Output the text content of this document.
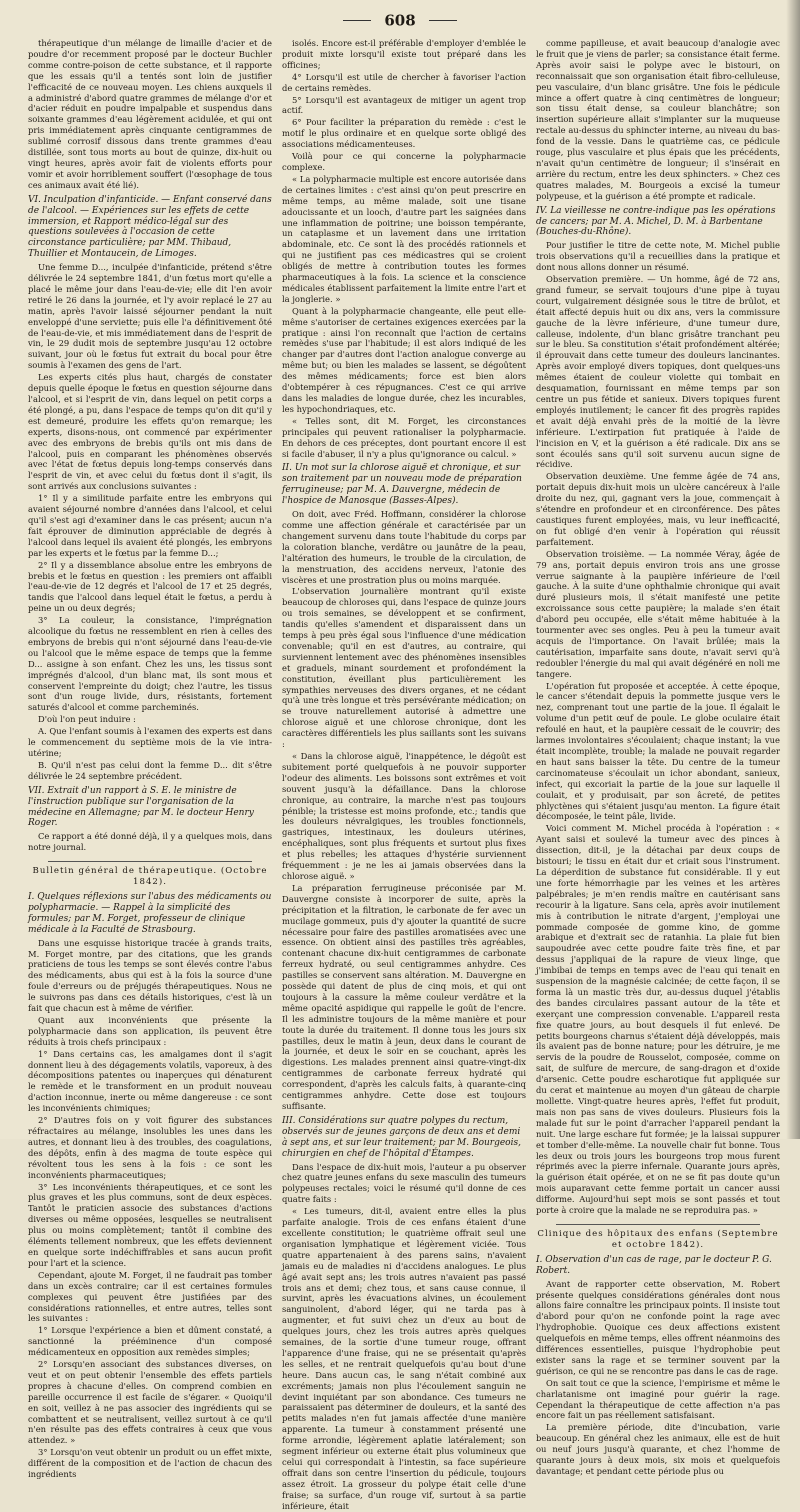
608

thérapeutique d'un mélange de limaille d'acier et de poudre d'or recemment proposé par le docteur Buchler comme contre-poison de cette substance, et il rapporte que les essais qu'il a tentés sont loin de justifier l'efficacité de ce nouveau moyen. Les chiens auxquels il a administré d'abord quatre grammes de mélange d'or et d'acier réduit en poudre impalpable et suspendus dans soixante grammes d'eau légèrement acidulée, et qui ont pris immédiatement après cinquante centigrammes de sublimé corrosif dissous dans trente grammes d'eau distillée, sont tous morts au bout de quinze, dix-huit ou vingt heures, après avoir fait de violents efforts pour vomir et avoir horriblement souffert (l'œsophage de tous ces animaux avait été lié).

VI. Inculpation d'infanticide. — Enfant conservé dans de l'alcool. — Expériences sur les effets de cette immersion, et Rapport médico-légal sur des questions soulevées à l'occasion de cette circonstance particulière; par MM. Thibaud, Thuillier et Montaucein, de Limoges.

Une femme D..., inculpée d'infanticide, prétend s'être délivrée le 24 septembre 1841, d'un fœtus mort qu'elle a placé le même jour dans l'eau-de-vie; elle dit l'en avoir retiré le 26 dans la journée, et l'y avoir replacé le 27 au matin, après l'avoir laissé séjourner pendant la nuit enveloppé d'une serviette; puis elle l'a définitivement ôté de l'eau-de-vie, et mis immédiatement dans de l'esprit de vin, le 29 dudit mois de septembre jusqu'au 12 octobre suivant, jour où le fœtus fut extrait du bocal pour être soumis à l'examen des gens de l'art.

Les experts cités plus haut, chargés de constater depuis quelle époque le fœtus en question séjourne dans l'alcool, et si l'esprit de vin, dans lequel on petit corps a été plongé, a pu, dans l'espace de temps qu'on dit qu'il y est demeuré, produire les effets qu'on remarque; les experts, disons-nous, ont commencé par expérimenter avec des embryons de brebis qu'ils ont mis dans de l'alcool, puis en comparant les phénomènes observés avec l'état de fœtus depuis long-temps conservés dans l'esprit de vin, et avec celui du fœtus dont il s'agit, ils sont arrivés aux conclusions suivantes :

1° Il y a similitude parfaite entre les embryons qui avaient séjourné nombre d'années dans l'alcool, et celui qu'il s'est agi d'examiner dans le cas présent; aucun n'a fait éprouver de diminution appréciable de degrés à l'alcool dans lequel ils avaient été plongés, les embryons par les experts et le fœtus par la femme D...;

2° Il y a dissemblance absolue entre les embryons de brebis et le fœtus en question : les premiers ont affaibli l'eau-de-vie de 12 degrés et l'alcool de 17 et 25 degrés, tandis que l'alcool dans lequel était le fœtus, a perdu à peine un ou deux degrés;

3° La couleur, la consistance, l'imprégnation alcoolique du fœtus ne ressemblent en rien à celles des embryons de brebis qui n'ont séjourné dans l'eau-de-vie ou l'alcool que le même espace de temps que la femme D... assigne à son enfant. Chez les uns, les tissus sont imprégnés d'alcool, d'un blanc mat, ils sont mous et conservent l'empreinte du doigt; chez l'autre, les tissus sont d'un rouge livide, durs, résistants, fortement saturés d'alcool et comme parcheminés.

D'où l'on peut induire :

A. Que l'enfant soumis à l'examen des experts est dans le commencement du septième mois de la vie intra-utérine;

B. Qu'il n'est pas celui dont la femme D... dit s'être délivrée le 24 septembre précédent.

VII. Extrait d'un rapport à S. E. le ministre de l'instruction publique sur l'organisation de la médecine en Allemagne; par M. le docteur Henry Roger.

Ce rapport a été donné déjà, il y a quelques mois, dans notre journal.

Bulletin général de thérapeutique. (Octobre 1842).
I. Quelques réflexions sur l'abus des médicaments ou polypharmacie. — Rappel à la simplicité des formules; par M. Forget, professeur de clinique médicale à la Faculté de Strasbourg.

Dans une esquisse historique tracée à grands traits, M. Forget montre, par des citations, que les grands praticiens de tous les temps se sont élevés contre l'abus des médicaments, abus qui est à la fois la source d'une foule d'erreurs ou de préjugés thérapeutiques. Nous ne le suivrons pas dans ces détails historiques, c'est là un fait que chacun est à même de vérifier.

Quant aux inconvénients que présente la polypharmacie dans son application, ils peuvent être réduits à trois chefs principaux :

1° Dans certains cas, les amalgames dont il s'agit donnent lieu à des dégagements volatils, vaporeux, à des décompositions patentes ou inaperçues qui dénaturent le remède et le transforment en un produit nouveau d'action inconnue, inerte ou même dangereuse : ce sont les inconvénients chimiques;

2° D'autres fois on y voit figurer des substances réfractaires au mélange, insolubles les unes dans les autres, et donnant lieu à des troubles, des coagulations, des dépôts, enfin à des magma de toute espèce qui révoltent tous les sens à la fois : ce sont les inconvénients pharmaceutiques;

3° Les inconvénients thérapeutiques, et ce sont les plus graves et les plus communs, sont de deux espèces. Tantôt le praticien associe des substances d'actions diverses ou même opposées, lesquelles se neutralisent plus ou moins complètement; tantôt il combine des éléments tellement nombreux, que les effets deviennent en quelque sorte indéchiffrables et sans aucun profit pour l'art et la science.

Cependant, ajoute M. Forget, il ne faudrait pas tomber dans un excès contraire; car il est certaines formules complexes qui peuvent être justifiées par des considérations rationnelles, et entre autres, telles sont les suivantes :

1° Lorsque l'expérience a bien et dûment constaté, a sanctionné la prééminence d'un composé médicamenteux en opposition aux remèdes simples;

2° Lorsqu'en associant des substances diverses, on veut et on peut obtenir l'ensemble des effets partiels propres à chacune d'elles. On comprend combien en pareille occurrence il est facile de s'égarer. « Quoiqu'il en soit, veillez à ne pas associer des ingrédients qui se combattent et se neutralisent, veillez surtout à ce qu'il n'en résulte pas des effets contraires à ceux que vous attendez. »

3° Lorsqu'on veut obtenir un produit ou un effet mixte, différent de la composition et de l'action de chacun des ingrédients

isolés. Encore est-il préférable d'employer d'emblée le produit mixte lorsqu'il existe tout préparé dans les officines;

4° Lorsqu'il est utile de chercher à favoriser l'action de certains remèdes.

5° Lorsqu'il est avantageux de mitiger un agent trop actif.

6° Pour faciliter la préparation du remède : c'est le motif le plus ordinaire et en quelque sorte obligé des associations médicamenteuses.

Voilà pour ce qui concerne la polypharmacie complexe.

« La polypharmacie multiple est encore autorisée dans de certaines limites : c'est ainsi qu'on peut prescrire en même temps, au même malade, soit une tisane adoucissante et un looch, d'autre part les saignées dans une inflammation de poitrine; une boisson tempérante, un cataplasme et un lavement dans une irritation abdominale, etc. Ce sont là des procédés rationnels et qui ne justifient pas ces médicastres qui se croient obligés de mettre à contribution toutes les formes pharmaceutiques à la fois. La science et la conscience médicales établissent parfaitement la limite entre l'art et la jonglerie. »

Quant à la polypharmacie changeante, elle peut elle-même s'autoriser de certaines exigences exercées par la pratique : ainsi l'on reconnaît que l'action de certains remèdes s'use par l'habitude; il est alors indiqué de les changer par d'autres dont l'action analogue converge au même but; ou bien les malades se lassent, se dégoûtent des mêmes médicaments; force est bien alors d'obtempérer à ces répugnances. C'est ce qui arrive dans les maladies de longue durée, chez les incurables, les hypochondriaques, etc.

« Telles sont, dit M. Forget, les circonstances principales qui peuvent rationaliser la polypharmacie. En dehors de ces préceptes, dont pourtant encore il est si facile d'abuser, il n'y a plus qu'ignorance ou calcul. »

II. Un mot sur la chlorose aiguë et chronique, et sur son traitement par un nouveau mode de préparation ferrugineuse; par M. A. Dauvergne, médecin de l'hospice de Manosque (Basses-Alpes).

On doit, avec Fréd. Hoffmann, considérer la chlorose comme une affection générale et caractérisée par un changement survenu dans toute l'habitude du corps par la coloration blanche, verdâtre ou jaunâtre de la peau, l'altération des humeurs, le trouble de la circulation, de la menstruation, des accidens nerveux, l'atonie des viscères et une prostration plus ou moins marquée.

L'observation journalière montrant qu'il existe beaucoup de chloroses qui, dans l'espace de quinze jours ou trois semaines, se développent et se confirment, tandis qu'elles s'amendent et disparaissent dans un temps à peu près égal sous l'influence d'une médication convenable; qu'il en est d'autres, au contraire, qui surviennent lentement avec des phénomènes insensibles et graduels, minant sourdement et profondément la constitution, éveillant plus particulièrement les sympathies nerveuses des divers organes, et ne cédant qu'à une très longue et très persévérante médication; on se trouve naturellement autorisé à admettre une chlorose aiguë et une chlorose chronique, dont les caractères différentiels les plus saillants sont les suivans :

« Dans la chlorose aiguë, l'inappétence, le dégoût est subitement porté quelquefois à ne pouvoir supporter l'odeur des aliments. Les boissons sont extrêmes et voit souvent jusqu'à la défaillance. Dans la chlorose chronique, au contraire, la marche n'est pas toujours pénible; la tristesse est moins profonde, etc.; tandis que les douleurs névralgiques, les troubles fonctionnels, gastriques, intestinaux, les douleurs utérines, encéphaliques, sont plus fréquents et surtout plus fixes et plus rebelles; les attaques d'hystérie surviennent fréquemment : je ne les ai jamais observées dans la chlorose aiguë. »

La préparation ferrugineuse préconisée par M. Dauvergne consiste à incorporer de suite, après la précipitation et la filtration, le carbonate de fer avec un mucilage gommeux, puis d'y ajouter la quantité de sucre nécessaire pour faire des pastilles aromatisées avec une essence. On obtient ainsi des pastilles très agréables, contenant chacune dix-huit centigrammes de carbonate ferreux hydraté, ou seul centigrammes anhydre. Ces pastilles se conservent sans altération. M. Dauvergne en possède qui datent de plus de cinq mois, et qui ont toujours à la cassure la même couleur verdâtre et la même opacité aspidique qui rappelle le goût de l'encre. Il les administre toujours de la même manière et pour toute la durée du traitement. Il donne tous les jours six pastilles, deux le matin à jeun, deux dans le courant de la journée, et deux le soir en se couchant, après les digestions. Les malades prennent ainsi quatre-vingt-dix centigrammes de carbonate ferreux hydraté qui correspondent, d'après les calculs faits, à quarante-cinq centigrammes anhydre. Cette dose est toujours suffisante.

III. Considérations sur quatre polypes du rectum, observés sur de jeunes garçons de deux ans et demi à sept ans, et sur leur traitement; par M. Bourgeois, chirurgien en chef de l'hôpital d'Étampes.

Dans l'espace de dix-huit mois, l'auteur a pu observer chez quatre jeunes enfans du sexe masculin des tumeurs polypeuses rectales; voici le résumé qu'il donne de ces quatre faits :

« Les tumeurs, dit-il, avaient entre elles la plus parfaite analogie. Trois de ces enfans étaient d'une excellente constitution; le quatrième offrait seul une organisation lymphatique et légèrement viciée. Tous quatre appartenaient à des parens sains, n'avaient jamais eu de maladies ni d'accidens analogues. Le plus âgé avait sept ans; les trois autres n'avaient pas passé trois ans et demi; chez tous, et sans cause connue, il survint, après les évacuations alvines, un écoulement sanguinolent, d'abord léger, qui ne tarda pas à augmenter, et fut suivi chez un d'eux au bout de quelques jours, chez les trois autres après quelques semaines, de la sortie d'une tumeur rouge, offrant l'apparence d'une fraise, qui ne se présentait qu'après les selles, et ne rentrait quelquefois qu'au bout d'une heure. Dans aucun cas, le sang n'était combiné aux excréments; jamais non plus l'écoulement sanguin ne devint inquiétant par son abondance. Ces tumeurs ne paraissaient pas déterminer de douleurs, et la santé des petits malades n'en fut jamais affectée d'une manière apparente. La tumeur à constamment présenté une forme arrondie, légèrement aplatie latéralement; son segment inférieur ou externe était plus volumineux que celui qui correspondait à l'intestin, sa face supérieure offrait dans son centre l'insertion du pédicule, toujours assez étroit. La grosseur du polype était celle d'une fraise; sa surface, d'un rouge vif, surtout à sa partie inférieure, était

comme papilleuse, et avait beaucoup d'analogie avec le fruit que je viens de parler; sa consistance était ferme. Après avoir saisi le polype avec le bistouri, on reconnaissait que son organisation était fibro-celluleuse, peu vasculaire, d'un blanc grisâtre. Une fois le pédicule mince a offert quatre à cinq centimètres de longueur; son tissu était dense, sa couleur blanchâtre; son insertion supérieure allait s'implanter sur la muqueuse rectale au-dessus du sphincter interne, au niveau du bas-fond de la vessie. Dans le quatrième cas, ce pédicule rouge, plus vasculaire et plus épais que les précédents, n'avait qu'un centimètre de longueur; il s'insérait en arrière du rectum, entre les deux sphincters. » Chez ces quatres malades, M. Bourgeois a excisé la tumeur polypeuse, et la guérison a été prompte et radicale.

IV. La vieillesse ne contre-indique pas les opérations de cancers; par M. A. Michel, D. M. à Barbentane (Bouches-du-Rhône).

Pour justifier le titre de cette note, M. Michel publie trois observations qu'il a recueillies dans la pratique et dont nous allons donner un résumé.

Observation première. — Un homme, âgé de 72 ans, grand fumeur, se servait toujours d'une pipe à tuyau court, vulgairement désignée sous le titre de brûlot, et était affecté depuis huit ou dix ans, vers la commissure gauche de la lèvre inférieure, d'une tumeur dure, calleuse, indolente, d'un blanc grisâtre tranchant peu sur le bleu. Sa constitution s'était profondément altérée; il éprouvait dans cette tumeur des douleurs lancinantes. Après avoir employé divers topiques, dont quelques-uns mêmes étaient de couleur violette qui tombait en desquamation, fournissant en même temps par son centre un pus fétide et sanieux. Divers topiques furent employés inutilement; le cancer fit des progrès rapides et avait déjà envahi près de la moitié de la lèvre inférieure. L'extirpation fut pratiquée à l'aide de l'incision en V, et la guérison a été radicale. Dix ans se sont écoulés sans qu'il soit survenu aucun signe de récidive.

Observation deuxième. Une femme âgée de 74 ans, portait depuis dix-huit mois un ulcère cancéreux à l'aile droite du nez, qui, gagnant vers la joue, commençait à s'étendre en profondeur et en circonférence. Des pâtes caustiques furent employées, mais, vu leur inefficacité, on fut obligé d'en venir à l'opération qui réussit parfaitement.

Observation troisième. — La nommée Véray, âgée de 79 ans, portait depuis environ trois ans une grosse verrue saignante à la paupière inférieure de l'œil gauche. À la suite d'une ophthalmie chronique qui avait duré plusieurs mois, il s'était manifesté une petite excroissance sous cette paupière; la malade s'en était d'abord peu occupée, elle s'était même habituée à la tourmenter avec ses ongles. Peu à peu la tumeur avait acquis de l'importance. On l'avait brûlée; mais la cautérisation, imparfaite sans doute, n'avait servi qu'à redoubler l'énergie du mal qui avait dégénéré en noli me tangere.

L'opération fut proposée et acceptée. À cette époque, le cancer s'étendait depuis la pommette jusque vers le nez, comprenant tout une partie de la joue. Il égalait le volume d'un petit œuf de poule. Le globe oculaire était refoulé en haut, et la paupière cessait de le couvrir; des larmes involontaires s'écoulaient; chaque instant; la vue était incomplète, trouble; la malade ne pouvait regarder en haut sans baisser la tête. Du centre de la tumeur carcinomateuse s'écoulait un ichor abondant, sanieux, infect, qui excoriait la partie de la joue sur laquelle il coulait, et y produisait, par son âcreté, de petites phlyctènes qui s'étaient jusqu'au menton. La figure était décomposée, le teint pâle, livide.

Voici comment M. Michel procéda à l'opération : « Ayant saisi et soulevé la tumeur avec des pinces à dissection, dit-il, je la détachai par deux coups de bistouri; le tissu en était dur et criait sous l'instrument. La déperdition de substance fut considérable. Il y eut une forte hémorrhagie par les veines et les artères palpébrales; je m'en rendis maître en cautérisant sans recourir à la ligature. Sans cela, après avoir inutilement mis à contribution le nitrate d'argent, j'employai une pommade composée de gomme kino, de gomme arabique et d'extrait sec de ratanhia. La plaie fut bien saupoudrée avec cette poudre faite très fine, et par dessus j'appliquai de la rapure de vieux linge, que j'imbibai de temps en temps avec de l'eau qui tenait en suspension de la magnésie calcinée; de cette façon, il se forma là un mastic très dur, au-dessus duquel j'établis des bandes circulaires passant autour de la tête et exerçant une compression convenable. L'appareil resta fixe quatre jours, au bout desquels il fut enlevé. De petits bourgeons charnus s'étaient déjà développés, mais ils avaient pas de bonne nature; pour les détruire, je me servis de la poudre de Rousselot, composée, comme on sait, de sulfure de mercure, de sang-dragon et d'oxide d'arsenic. Cette poudre escharotique fut appliquée sur du cerat et maintenue au moyen d'un gâteau de charpie mollette. Vingt-quatre heures après, l'effet fut produit, mais non pas sans de vives douleurs. Plusieurs fois la malade fut sur le point d'arracher l'appareil pendant la nuit. Une large eschare fut formée; je la laissai suppurer et tomber d'elle-même. La nouvelle chair fut bonne. Tous les deux ou trois jours les bourgeons trop mous furent réprimés avec la pierre infernale. Quarante jours après, la guérison était opérée, et on ne se fit pas doute qu'un mois auparavant cette femme portait un cancer aussi difforme. Aujourd'hui sept mois se sont passés et tout porte à croire que la malade ne se reproduira pas. »

Clinique des hôpitaux des enfans (Septembre et octobre 1842).
I. Observation d'un cas de rage, par le docteur P. G. Robert.

Avant de rapporter cette observation, M. Robert présente quelques considérations générales dont nous allons faire connaître les principaux points. Il insiste tout d'abord pour qu'on ne confonde point la rage avec l'hydrophobie. Quoique ces deux affections existent quelquefois en même temps, elles offrent néanmoins des différences essentielles, puisque l'hydrophobie peut exister sans la rage et se terminer souvent par la guérison, ce qui ne se rencontre pas dans le cas de rage.

On sait tout ce que la science, l'empirisme et même le charlatanisme ont imaginé pour guérir la rage. Cependant la thérapeutique de cette affection n'a pas encore fait un pas réellement satisfaisant.

La première période, dite d'incubation, varie beaucoup. En général chez les animaux, elle est de huit ou neuf jours jusqu'à quarante, et chez l'homme de quarante jours à deux mois, six mois et quelquefois davantage; et pendant cette période plus ou
